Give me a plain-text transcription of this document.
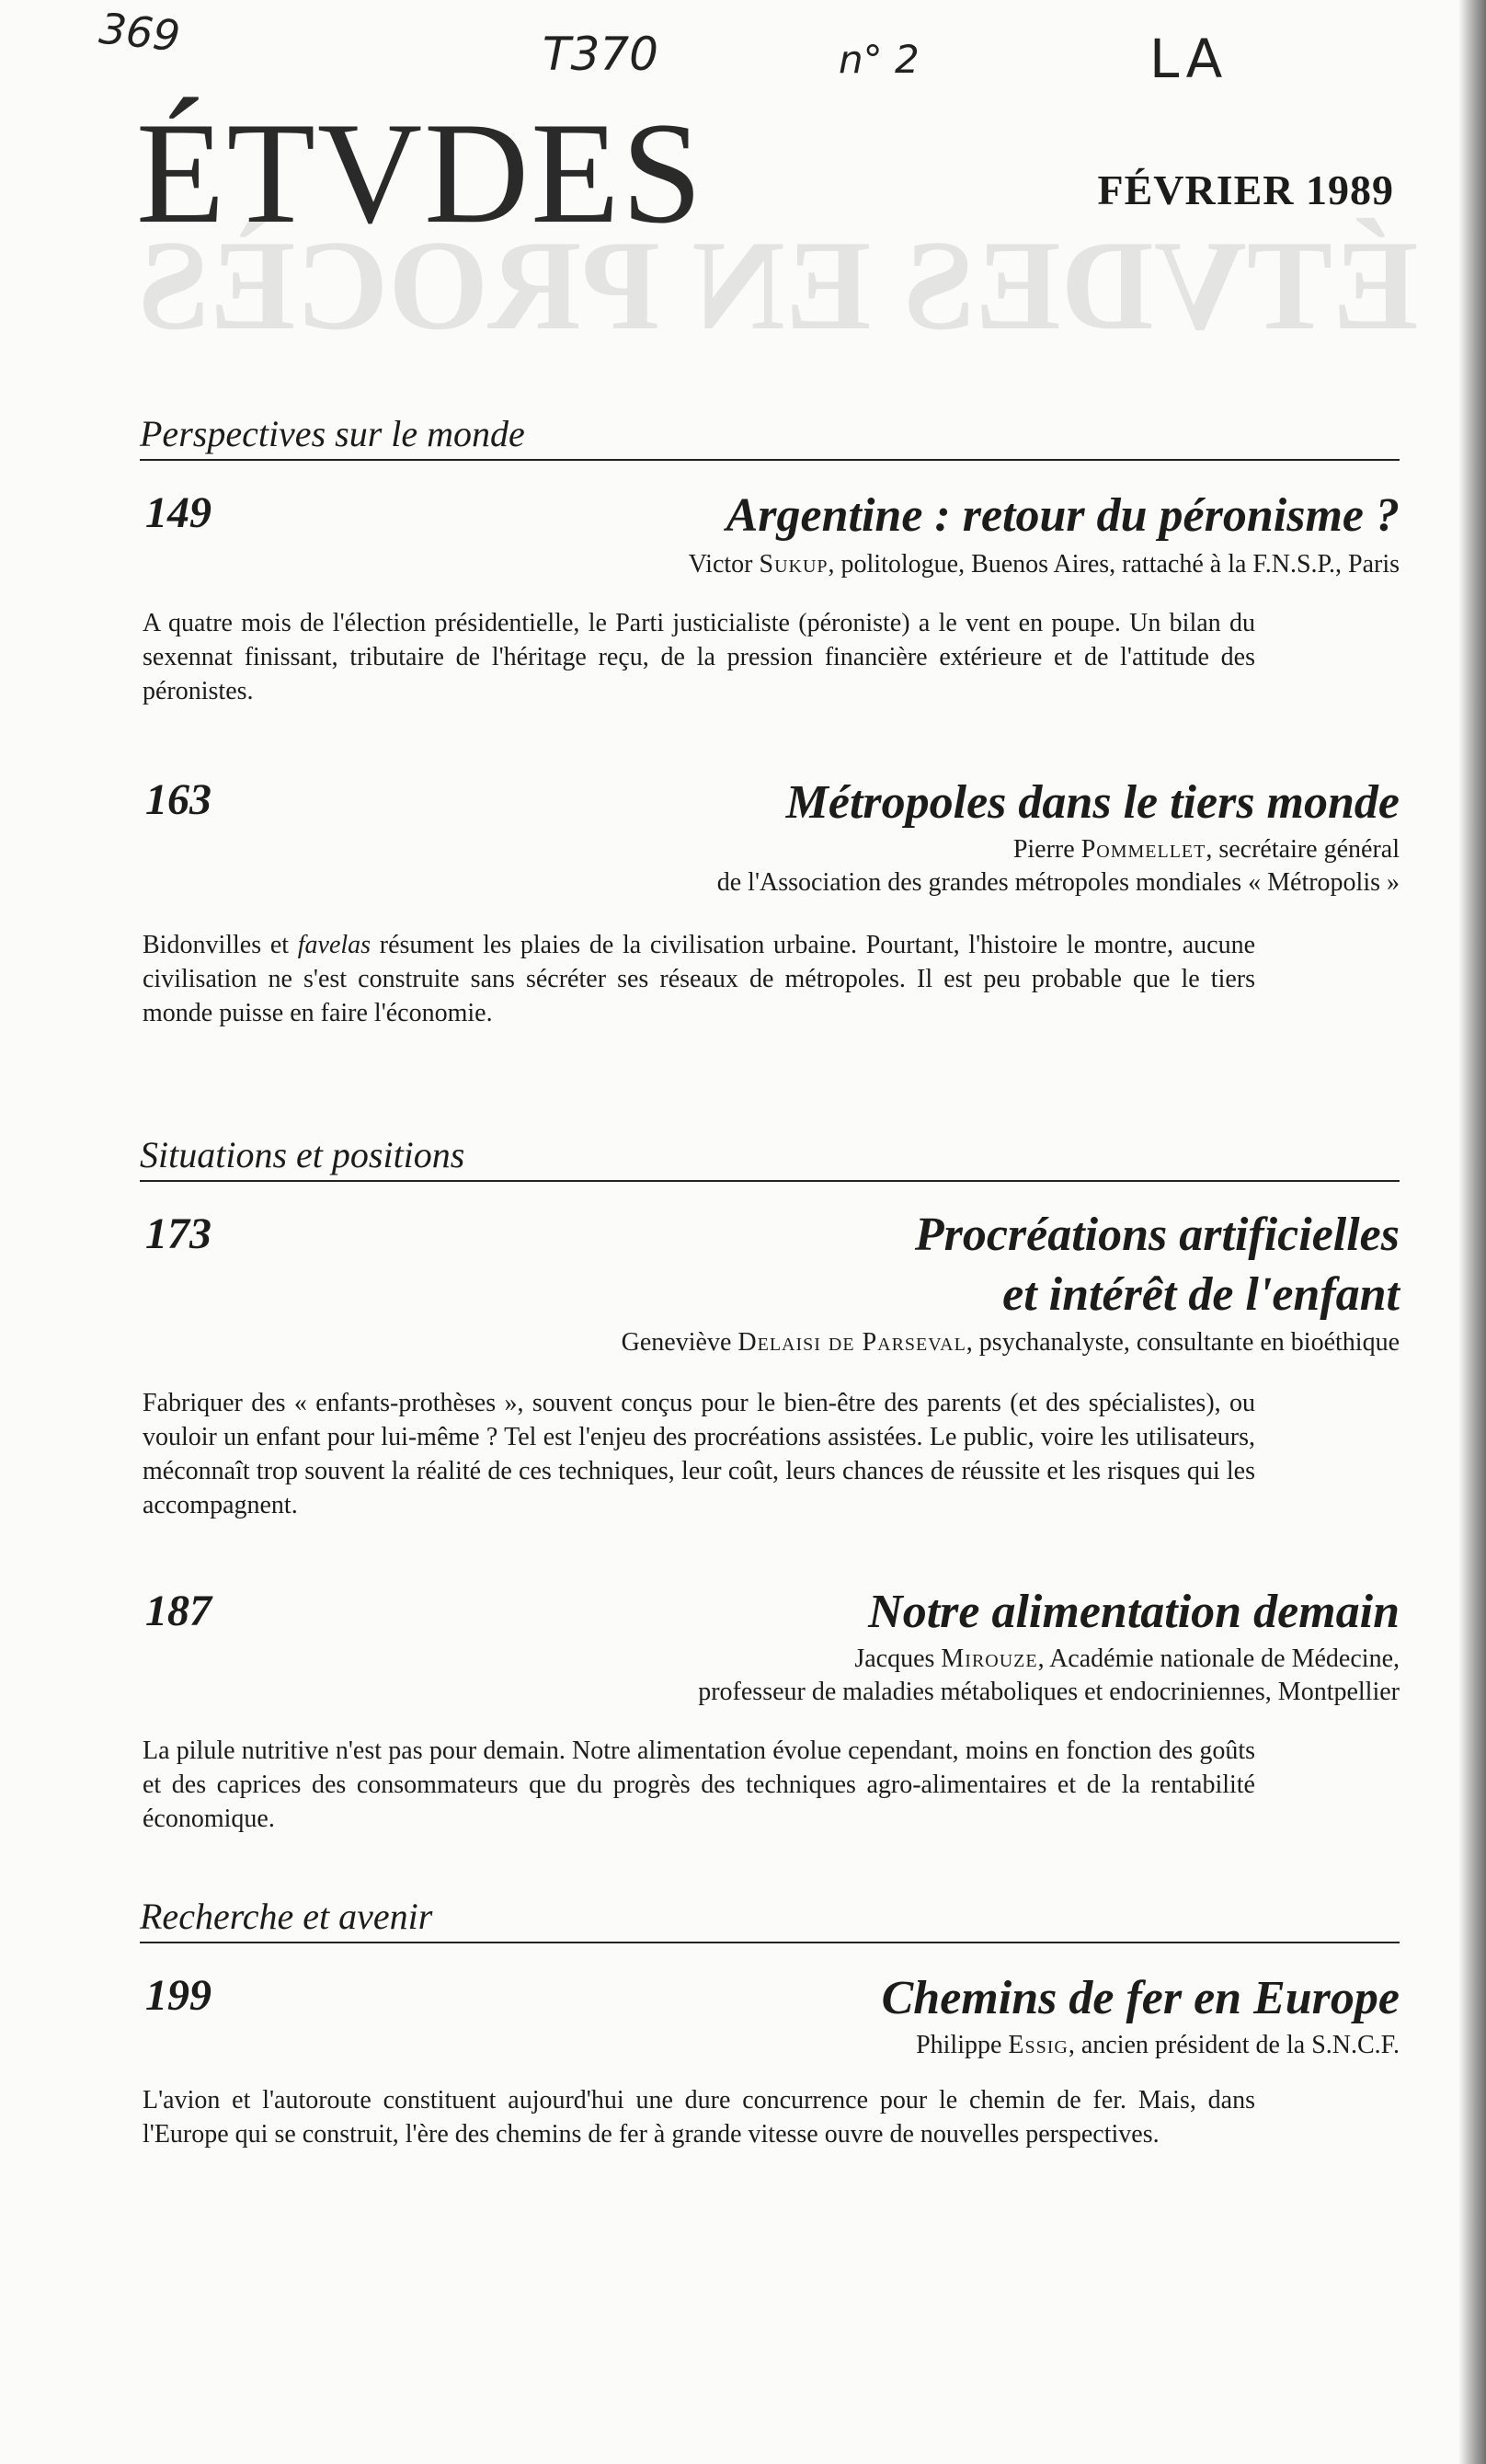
ÉTVDES EN PROCÈS
369	T370	n° 2	LA
ÉTVDES	FÉVRIER 1989
Perspectives sur le monde
149	Argentine : retour du péronisme ?
Victor Sukup, politologue, Buenos Aires, rattaché à la F.N.S.P., Paris
A quatre mois de l'élection présidentielle, le Parti justicialiste (péroniste) a le vent en poupe. Un bilan du sexennat finissant, tributaire de l'héritage reçu, de la pression financière extérieure et de l'attitude des péronistes.
163	Métropoles dans le tiers monde
Pierre Pommellet, secrétaire général
de l'Association des grandes métropoles mondiales « Métropolis »
Bidonvilles et favelas résument les plaies de la civilisation urbaine. Pourtant, l'histoire le montre, aucune civilisation ne s'est construite sans sécréter ses réseaux de métropoles. Il est peu probable que le tiers monde puisse en faire l'économie.
Situations et positions
173	Procréations artificielles
et intérêt de l'enfant
Geneviève Delaisi de Parseval, psychanalyste, consultante en bioéthique
Fabriquer des « enfants-prothèses », souvent conçus pour le bien-être des parents (et des spécialistes), ou vouloir un enfant pour lui-même ? Tel est l'enjeu des procréations assistées. Le public, voire les utilisateurs, méconnaît trop souvent la réalité de ces techniques, leur coût, leurs chances de réussite et les risques qui les accompagnent.
187	Notre alimentation demain
Jacques Mirouze, Académie nationale de Médecine,
professeur de maladies métaboliques et endocriniennes, Montpellier
La pilule nutritive n'est pas pour demain. Notre alimentation évolue cependant, moins en fonction des goûts et des caprices des consommateurs que du progrès des techniques agro-alimentaires et de la rentabilité économique.
Recherche et avenir
199	Chemins de fer en Europe
Philippe Essig, ancien président de la S.N.C.F.
L'avion et l'autoroute constituent aujourd'hui une dure concurrence pour le chemin de fer. Mais, dans l'Europe qui se construit, l'ère des chemins de fer à grande vitesse ouvre de nouvelles perspectives.
